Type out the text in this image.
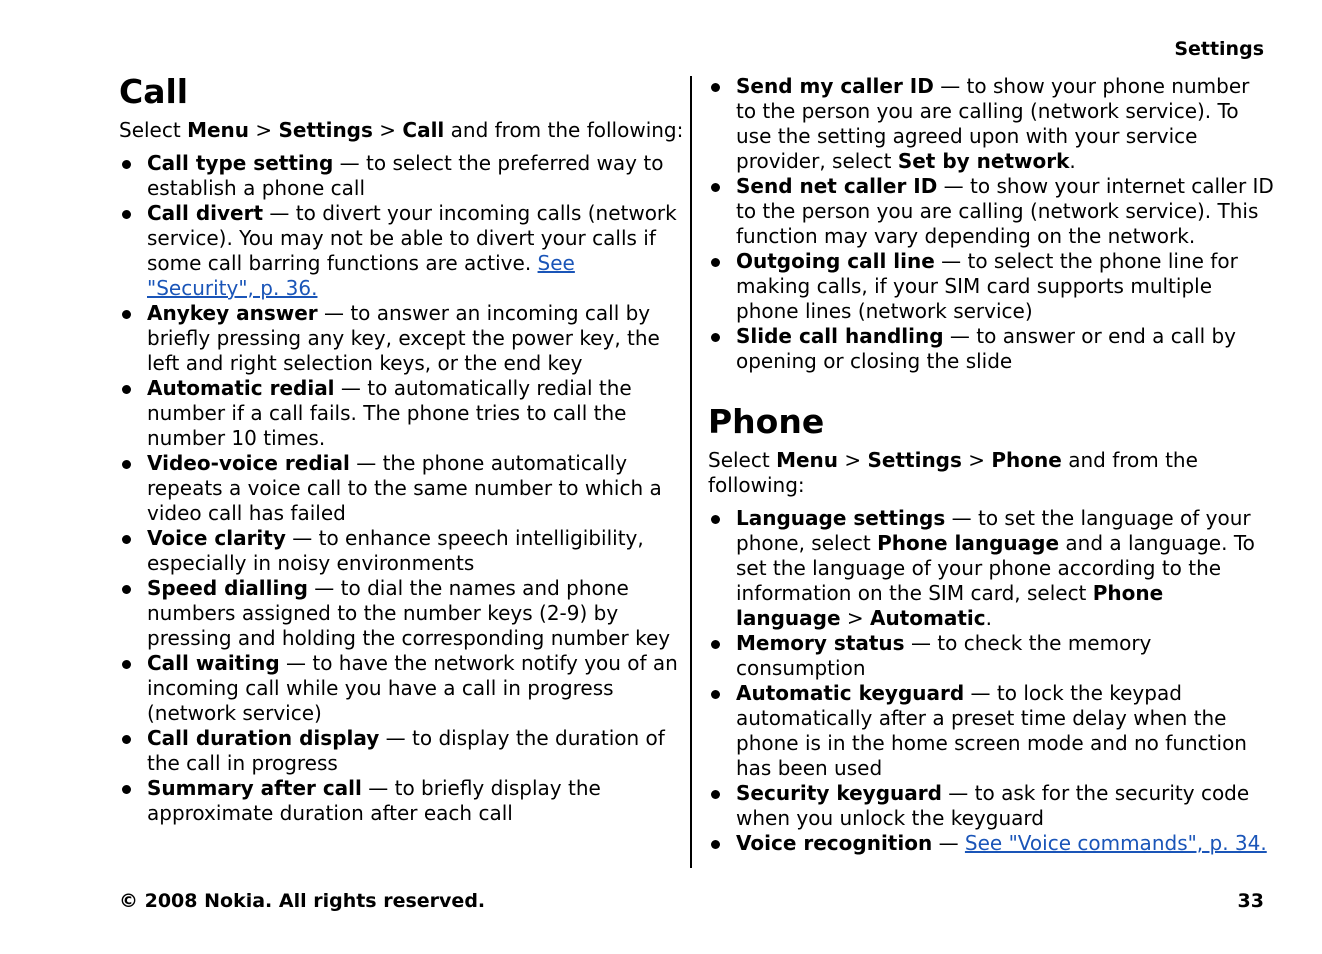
Settings
Call
Select Menu > Settings > Call and from the following:
Call type setting — to select the preferred way to establish a phone call
Call divert — to divert your incoming calls (network service). You may not be able to divert your calls if some call barring functions are active. See "Security", p. 36.
Anykey answer — to answer an incoming call by briefly pressing any key, except the power key, the left and right selection keys, or the end key
Automatic redial — to automatically redial the number if a call fails. The phone tries to call the number 10 times.
Video-voice redial — the phone automatically repeats a voice call to the same number to which a video call has failed
Voice clarity — to enhance speech intelligibility, especially in noisy environments
Speed dialling — to dial the names and phone numbers assigned to the number keys (2-9) by pressing and holding the corresponding number key
Call waiting — to have the network notify you of an incoming call while you have a call in progress (network service)
Call duration display — to display the duration of the call in progress
Summary after call — to briefly display the approximate duration after each call
Send my caller ID — to show your phone number to the person you are calling (network service). To use the setting agreed upon with your service provider, select Set by network.
Send net caller ID — to show your internet caller ID to the person you are calling (network service). This function may vary depending on the network.
Outgoing call line — to select the phone line for making calls, if your SIM card supports multiple phone lines (network service)
Slide call handling — to answer or end a call by opening or closing the slide
Phone
Select Menu > Settings > Phone and from the following:
Language settings — to set the language of your phone, select Phone language and a language. To set the language of your phone according to the information on the SIM card, select Phone language > Automatic.
Memory status — to check the memory consumption
Automatic keyguard — to lock the keypad automatically after a preset time delay when the phone is in the home screen mode and no function has been used
Security keyguard — to ask for the security code when you unlock the keyguard
Voice recognition — See "Voice commands", p. 34.
© 2008 Nokia. All rights reserved.	33
